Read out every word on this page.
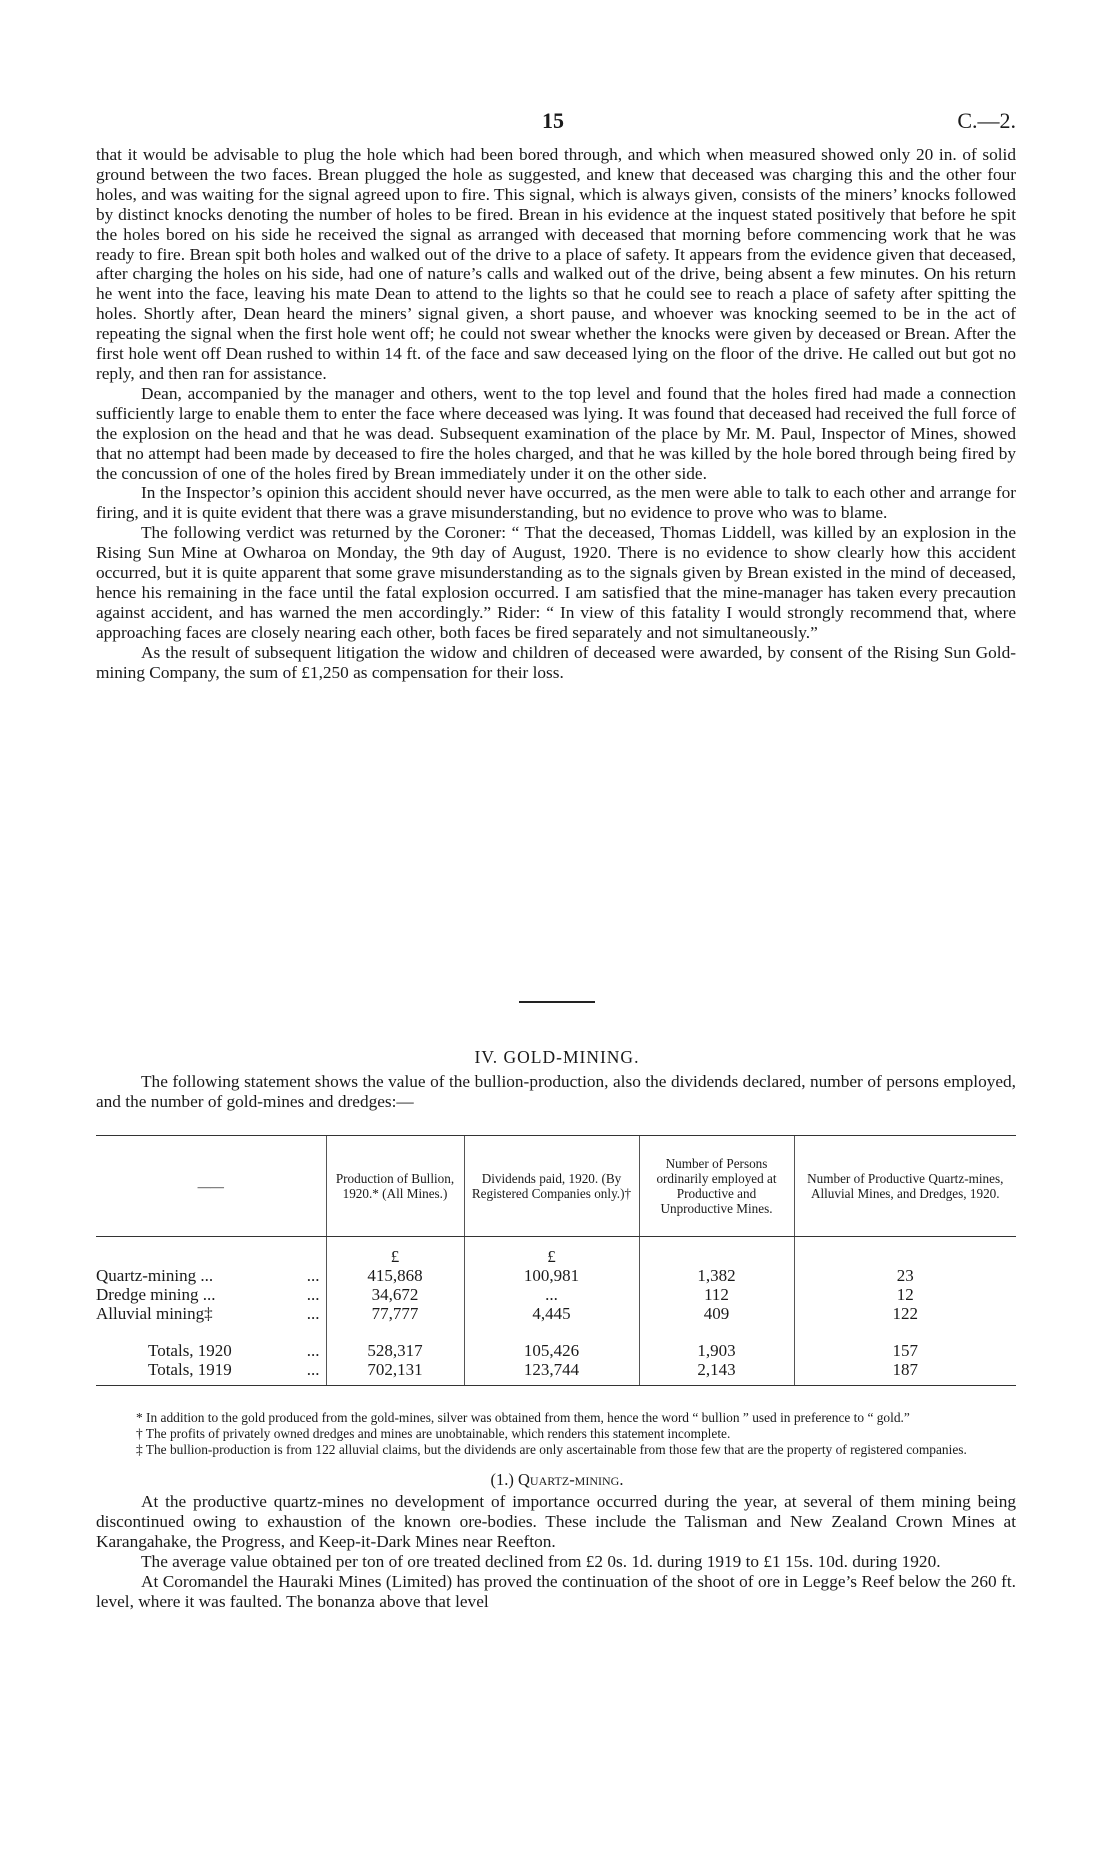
15	C.—2.

that it would be advisable to plug the hole which had been bored through, and which when measured showed only 20 in. of solid ground between the two faces. Brean plugged the hole as suggested, and knew that deceased was charging this and the other four holes, and was waiting for the signal agreed upon to fire. This signal, which is always given, consists of the miners’ knocks followed by distinct knocks denoting the number of holes to be fired. Brean in his evidence at the inquest stated positively that before he spit the holes bored on his side he received the signal as arranged with deceased that morning before commencing work that he was ready to fire. Brean spit both holes and walked out of the drive to a place of safety. It appears from the evidence given that deceased, after charging the holes on his side, had one of nature’s calls and walked out of the drive, being absent a few minutes. On his return he went into the face, leaving his mate Dean to attend to the lights so that he could see to reach a place of safety after spitting the holes. Shortly after, Dean heard the miners’ signal given, a short pause, and whoever was knocking seemed to be in the act of repeating the signal when the first hole went off; he could not swear whether the knocks were given by deceased or Brean. After the first hole went off Dean rushed to within 14 ft. of the face and saw deceased lying on the floor of the drive. He called out but got no reply, and then ran for assistance.

Dean, accompanied by the manager and others, went to the top level and found that the holes fired had made a connection sufficiently large to enable them to enter the face where deceased was lying. It was found that deceased had received the full force of the explosion on the head and that he was dead. Subsequent examination of the place by Mr. M. Paul, Inspector of Mines, showed that no attempt had been made by deceased to fire the holes charged, and that he was killed by the hole bored through being fired by the concussion of one of the holes fired by Brean immediately under it on the other side.

In the Inspector’s opinion this accident should never have occurred, as the men were able to talk to each other and arrange for firing, and it is quite evident that there was a grave misunderstanding, but no evidence to prove who was to blame.

The following verdict was returned by the Coroner: “ That the deceased, Thomas Liddell, was killed by an explosion in the Rising Sun Mine at Owharoa on Monday, the 9th day of August, 1920. There is no evidence to show clearly how this accident occurred, but it is quite apparent that some grave misunderstanding as to the signals given by Brean existed in the mind of deceased, hence his remaining in the face until the fatal explosion occurred. I am satisfied that the mine-manager has taken every precaution against accident, and has warned the men accordingly.” Rider: “ In view of this fatality I would strongly recommend that, where approaching faces are closely nearing each other, both faces be fired separately and not simultaneously.”

As the result of subsequent litigation the widow and children of deceased were awarded, by consent of the Rising Sun Gold-mining Company, the sum of £1,250 as compensation for their loss.

IV. GOLD-MINING.

The following statement shows the value of the bullion-production, also the dividends declared, number of persons employed, and the number of gold-mines and dredges:—

——		Production of Bullion, 1920.* (All Mines.)	Dividends paid, 1920. (By Registered Companies only.)†	Number of Persons ordinarily employed at Productive and Unproductive Mines.	Number of Productive Quartz-mines, Alluvial Mines, and Dredges, 1920.
		£	£		
Quartz-mining ...	...	415,868	100,981	1,382	23
Dredge mining ...	...	34,672	...	112	12
Alluvial mining‡	...	77,777	4,445	409	122

Totals, 1920	...	528,317	105,426	1,903	157
Totals, 1919	...	702,131	123,744	2,143	187

* In addition to the gold produced from the gold-mines, silver was obtained from them, hence the word “ bullion ” used in preference to “ gold.”

† The profits of privately owned dredges and mines are unobtainable, which renders this statement incomplete.

‡ The bullion-production is from 122 alluvial claims, but the dividends are only ascertainable from those few that are the property of registered companies.

(1.) Quartz-mining.

At the productive quartz-mines no development of importance occurred during the year, at several of them mining being discontinued owing to exhaustion of the known ore-bodies. These include the Talisman and New Zealand Crown Mines at Karangahake, the Progress, and Keep-it-Dark Mines near Reefton.

The average value obtained per ton of ore treated declined from £2 0s. 1d. during 1919 to £1 15s. 10d. during 1920.

At Coromandel the Hauraki Mines (Limited) has proved the continuation of the shoot of ore in Legge’s Reef below the 260 ft. level, where it was faulted. The bonanza above that level
